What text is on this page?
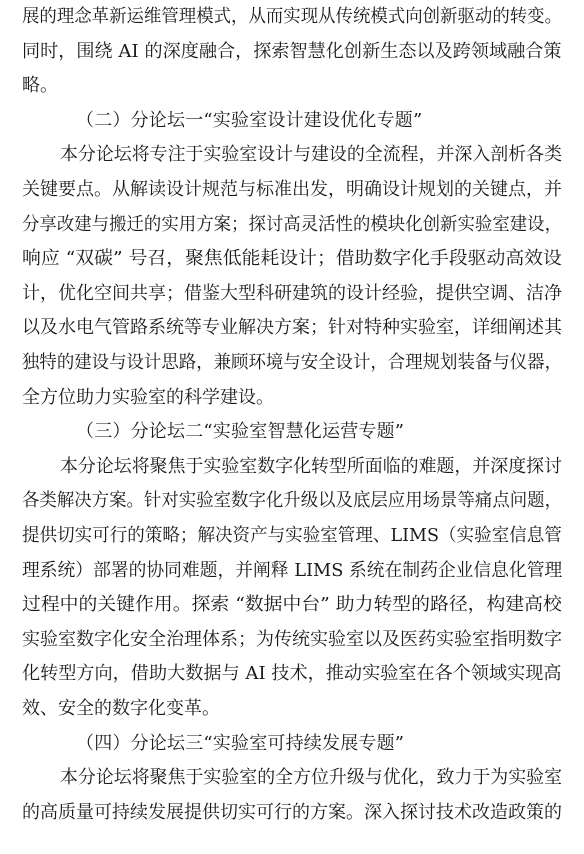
展的理念革新运维管理模式，从而实现从传统模式向创新驱动的转变。
同时，围绕 AI 的深度融合，探索智慧化创新生态以及跨领域融合策
略。
（二）分论坛一“实验室设计建设优化专题”
本分论坛将专注于实验室设计与建设的全流程，并深入剖析各类
关键要点。从解读设计规范与标准出发，明确设计规划的关键点，并
分享改建与搬迁的实用方案；探讨高灵活性的模块化创新实验室建设，
响应 “双碳” 号召，聚焦低能耗设计；借助数字化手段驱动高效设
计，优化空间共享；借鉴大型科研建筑的设计经验，提供空调、洁净
以及水电气管路系统等专业解决方案；针对特种实验室，详细阐述其
独特的建设与设计思路，兼顾环境与安全设计，合理规划装备与仪器，
全方位助力实验室的科学建设。
（三）分论坛二“实验室智慧化运营专题”
本分论坛将聚焦于实验室数字化转型所面临的难题，并深度探讨
各类解决方案。针对实验室数字化升级以及底层应用场景等痛点问题，
提供切实可行的策略；解决资产与实验室管理、LIMS（实验室信息管
理系统）部署的协同难题，并阐释 LIMS 系统在制药企业信息化管理
过程中的关键作用。探索 “数据中台” 助力转型的路径，构建高校
实验室数字化安全治理体系；为传统实验室以及医药实验室指明数字
化转型方向，借助大数据与 AI 技术，推动实验室在各个领域实现高
效、安全的数字化变革。
（四）分论坛三“实验室可持续发展专题”
本分论坛将聚焦于实验室的全方位升级与优化，致力于为实验室
的高质量可持续发展提供切实可行的方案。深入探讨技术改造政策的
